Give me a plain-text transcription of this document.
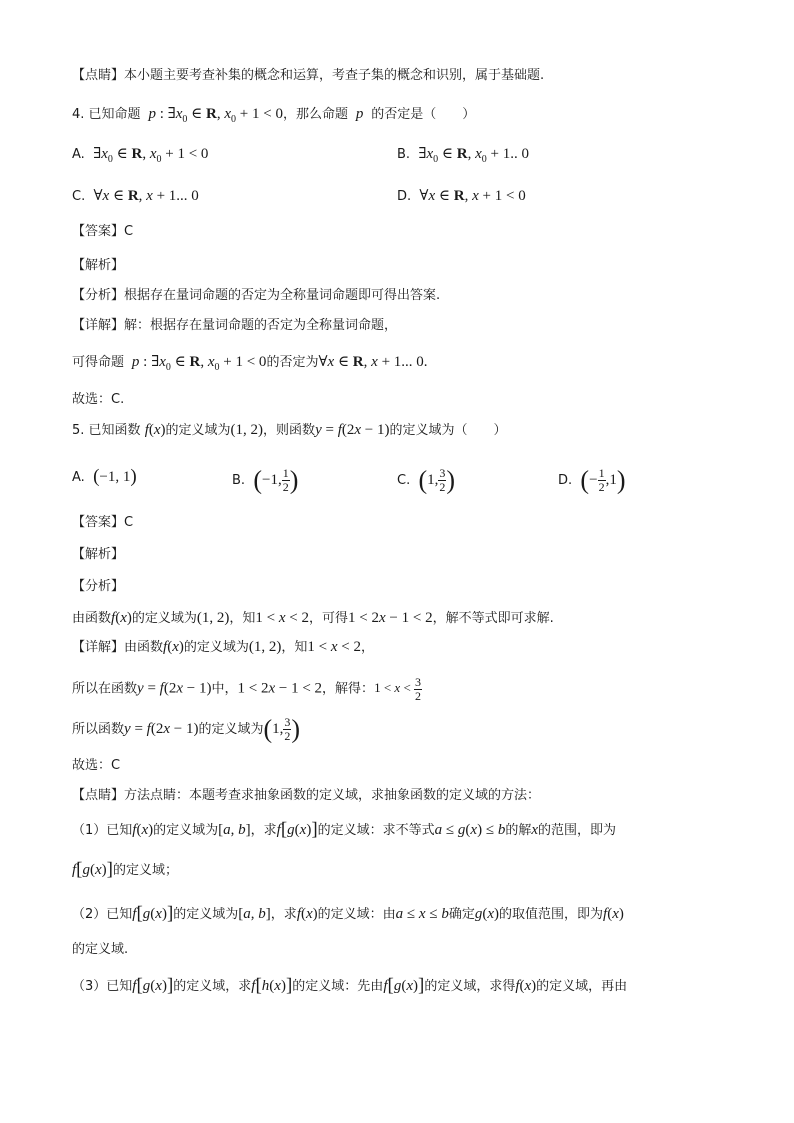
【点睛】本小题主要考查补集的概念和运算，考查子集的概念和识别，属于基础题.
4. 已知命题 p : $\exists x_0$ ∈ R, $x_0 + 1 < 0$，那么命题  p  的否定是（　　）
A. $\exists x_0$ ∈ R, $x_0 + 1 < 0$	B. $\exists x_0$ ∈ R, $x_0 + 1$.. 0
C. ∀x ∈ R, x + 1... 0	D. ∀x ∈ R, x + 1 < 0
【答案】C
【解析】
【分析】根据存在量词命题的否定为全称量词命题即可得出答案.
【详解】解：根据存在量词命题的否定为全称量词命题，
可得命题 p : $\exists x_0$ ∈ R, $x_0 + 1 < 0$的否定为∀x ∈ R, x + 1... 0.
故选：C.
5. 已知函数 f(x)的定义域为(1, 2)，则函数y = f(2x − 1)的定义域为（　　）
A. (−1, 1)	B. (−1, $\frac{1}{2}$ )	C. (1, $\frac{3}{2}$ )	D. (− $\frac{1}{2} ,1$)
【答案】C
【解析】
【分析】
由函数f(x)的定义域为(1, 2)，知1 < x < 2，可得1 < 2x − 1 < 2，解不等式即可求解.
【详解】由函数f(x)的定义域为(1, 2)，知1 < x < 2，
所以在函数y = f(2x − 1)中，1 < 2x − 1 < 2，解得：$1 < x < \frac{3}{2}$
所以函数y = f(2x − 1)的定义域为(1, $\frac{3}{2}$ )
故选：C
【点睛】方法点睛：本题考查求抽象函数的定义域，求抽象函数的定义域的方法：
（1）已知f(x)的定义域为[a, b]，求f[g(x)]的定义域：求不等式a ≤ g(x) ≤ b的解x的范围，即为
f[g(x)]的定义域；
（2）已知f[g(x)]的定义域为[a, b]，求f(x)的定义域：由a ≤ x ≤ b确定g(x)的取值范围，即为f(x)
的定义域.
（3）已知f[g(x)]的定义域，求f[h(x)]的定义域：先由f[g(x)]的定义域，求得f(x)的定义域，再由
